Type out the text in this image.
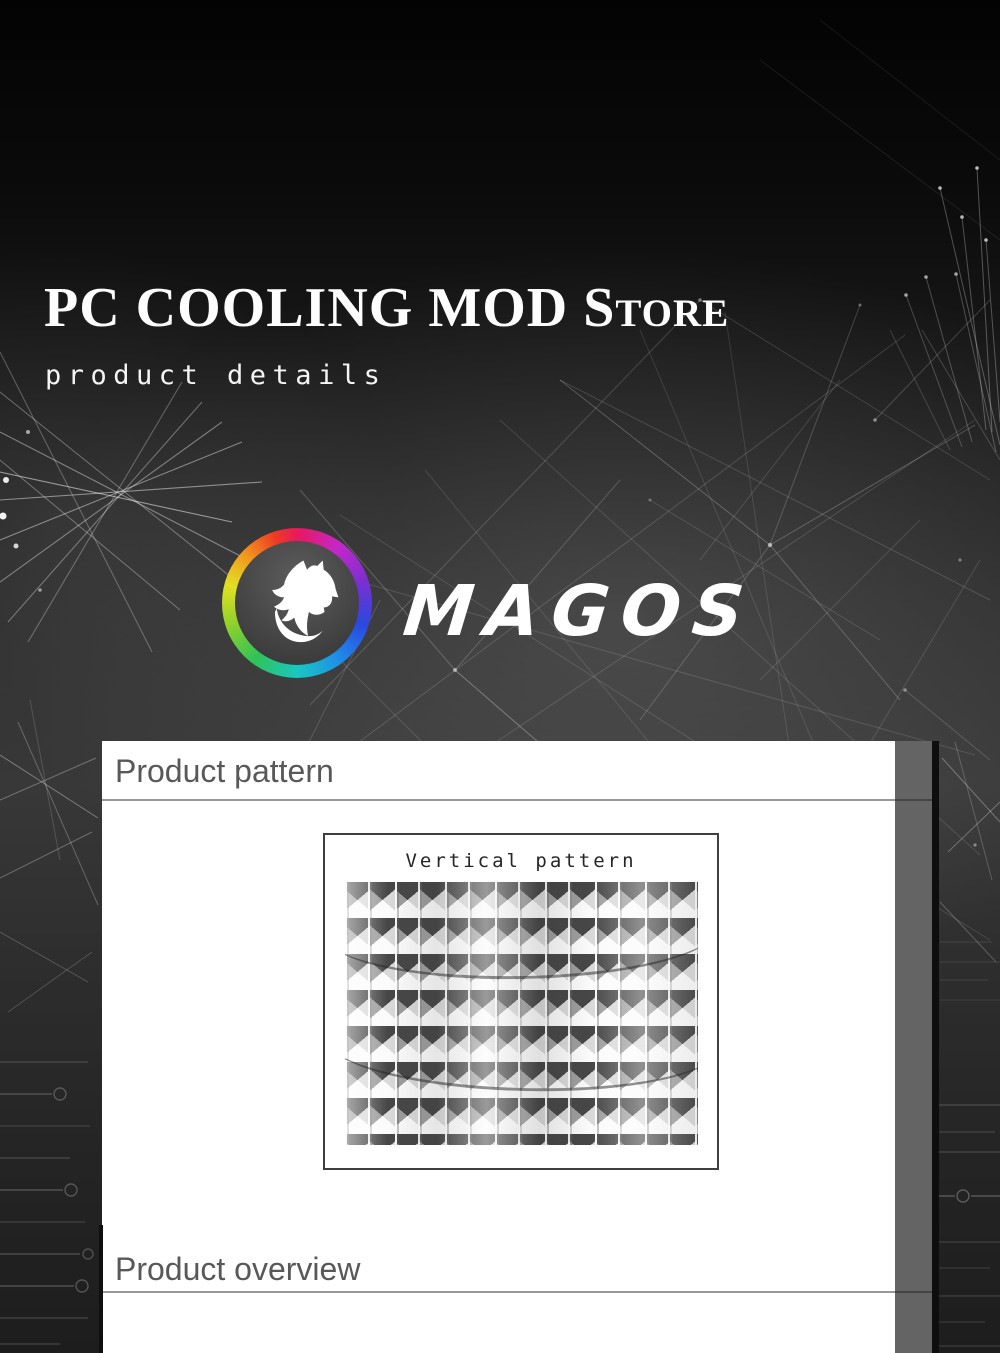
PC COOLING MOD Store
product details
MAGOS
Product pattern
Vertical pattern
Product overview
